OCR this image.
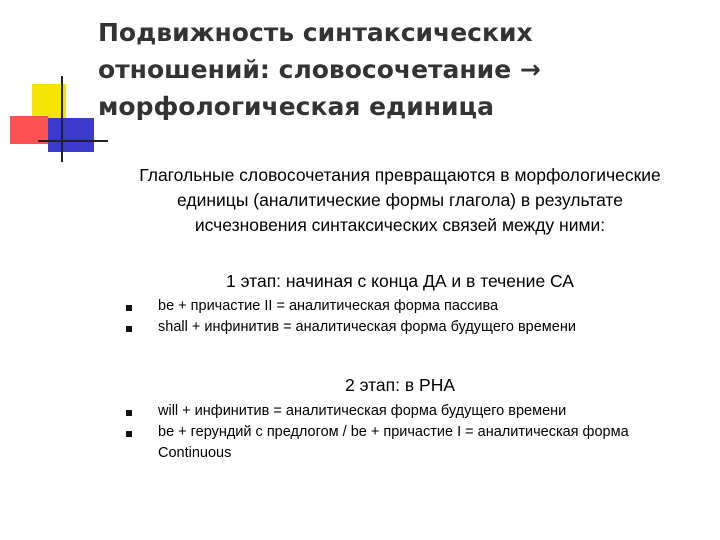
Подвижность синтаксических
отношений: словосочетание →
морфологическая единица
Глагольные словосочетания превращаются в морфологические
единицы (аналитические формы глагола) в результате
исчезновения синтаксических связей между ними:
1 этап: начиная с конца ДА и в течение СА
be + причастие II = аналитическая форма пассива
shall + инфинитив = аналитическая форма будущего времени
2 этап: в РНА
will + инфинитив = аналитическая форма будущего времени
be + герундий с предлогом / be + причастие I = аналитическая форма Continuous
